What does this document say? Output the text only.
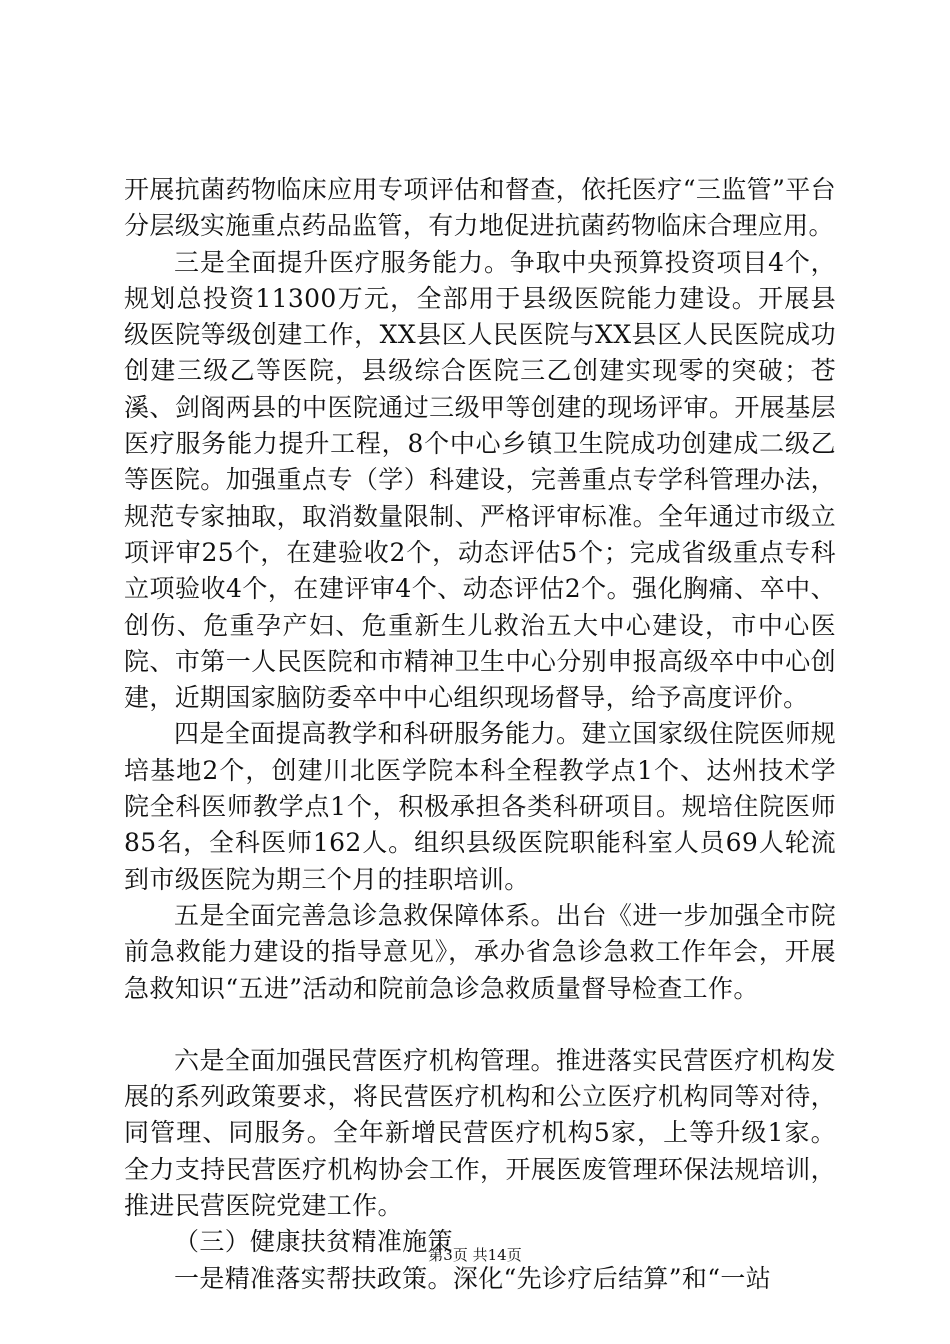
开展抗菌药物临床应用专项评估和督查，依托医疗“三监管”平台分层级实施重点药品监管，有力地促进抗菌药物临床合理应用。

三是全面提升医疗服务能力。争取中央预算投资项目4个，规划总投资11300万元，全部用于县级医院能力建设。开展县级医院等级创建工作，XX县区人民医院与XX县区人民医院成功创建三级乙等医院，县级综合医院三乙创建实现零的突破；苍溪、剑阁两县的中医院通过三级甲等创建的现场评审。开展基层医疗服务能力提升工程，8个中心乡镇卫生院成功创建成二级乙等医院。加强重点专（学）科建设，完善重点专学科管理办法，规范专家抽取，取消数量限制、严格评审标准。全年通过市级立项评审25个，在建验收2个，动态评估5个；完成省级重点专科立项验收4个，在建评审4个、动态评估2个。强化胸痛、卒中、创伤、危重孕产妇、危重新生儿救治五大中心建设，市中心医院、市第一人民医院和市精神卫生中心分别申报高级卒中中心创建，近期国家脑防委卒中中心组织现场督导，给予高度评价。

四是全面提高教学和科研服务能力。建立国家级住院医师规培基地2个，创建川北医学院本科全程教学点1个、达州技术学院全科医师教学点1个，积极承担各类科研项目。规培住院医师85名，全科医师162人。组织县级医院职能科室人员69人轮流到市级医院为期三个月的挂职培训。

五是全面完善急诊急救保障体系。出台《进一步加强全市院前急救能力建设的指导意见》，承办省急诊急救工作年会，开展急救知识“五进”活动和院前急诊急救质量督导检查工作。

六是全面加强民营医疗机构管理。推进落实民营医疗机构发展的系列政策要求，将民营医疗机构和公立医疗机构同等对待，同管理、同服务。全年新增民营医疗机构5家，上等升级1家。全力支持民营医疗机构协会工作，开展医废管理环保法规培训，推进民营医院党建工作。

（三）健康扶贫精准施策

一是精准落实帮扶政策。深化“先诊疗后结算”和“一站

第3页 共14页
